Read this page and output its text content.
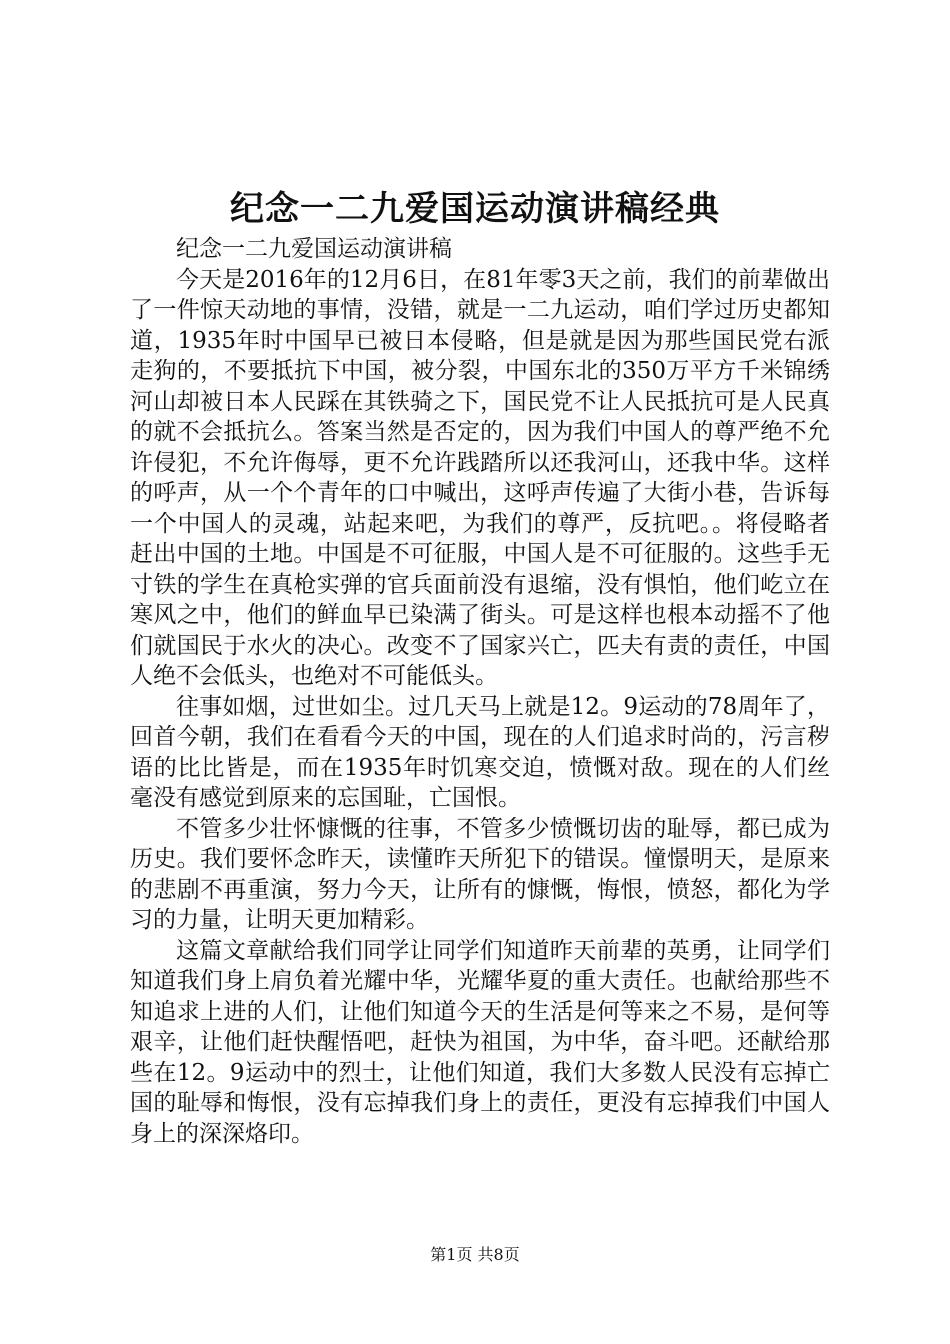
纪念一二九爱国运动演讲稿经典

纪念一二九爱国运动演讲稿

今天是2016年的12月6日，在81年零3天之前，我们的前辈做出了一件惊天动地的事情，没错，就是一二九运动，咱们学过历史都知道，1935年时中国早已被日本侵略，但是就是因为那些国民党右派走狗的，不要抵抗下中国，被分裂，中国东北的350万平方千米锦绣河山却被日本人民踩在其铁骑之下，国民党不让人民抵抗可是人民真的就不会抵抗么。答案当然是否定的，因为我们中国人的尊严绝不允许侵犯，不允许侮辱，更不允许践踏所以还我河山，还我中华。这样的呼声，从一个个青年的口中喊出，这呼声传遍了大街小巷，告诉每一个中国人的灵魂，站起来吧，为我们的尊严，反抗吧。。将侵略者赶出中国的土地。中国是不可征服，中国人是不可征服的。这些手无寸铁的学生在真枪实弹的官兵面前没有退缩，没有惧怕，他们屹立在寒风之中，他们的鲜血早已染满了街头。可是这样也根本动摇不了他们就国民于水火的决心。改变不了国家兴亡，匹夫有责的责任，中国人绝不会低头，也绝对不可能低头。

往事如烟，过世如尘。过几天马上就是12。9运动的78周年了，回首今朝，我们在看看今天的中国，现在的人们追求时尚的，污言秽语的比比皆是，而在1935年时饥寒交迫，愤慨对敌。现在的人们丝毫没有感觉到原来的忘国耻，亡国恨。

不管多少壮怀慷慨的往事，不管多少愤慨切齿的耻辱，都已成为历史。我们要怀念昨天，读懂昨天所犯下的错误。憧憬明天，是原来的悲剧不再重演，努力今天，让所有的慷慨，悔恨，愤怒，都化为学习的力量，让明天更加精彩。

这篇文章献给我们同学让同学们知道昨天前辈的英勇，让同学们知道我们身上肩负着光耀中华，光耀华夏的重大责任。也献给那些不知追求上进的人们，让他们知道今天的生活是何等来之不易，是何等艰辛，让他们赶快醒悟吧，赶快为祖国，为中华，奋斗吧。还献给那些在12。9运动中的烈士，让他们知道，我们大多数人民没有忘掉亡国的耻辱和悔恨，没有忘掉我们身上的责任，更没有忘掉我们中国人身上的深深烙印。

第1页 共8页
